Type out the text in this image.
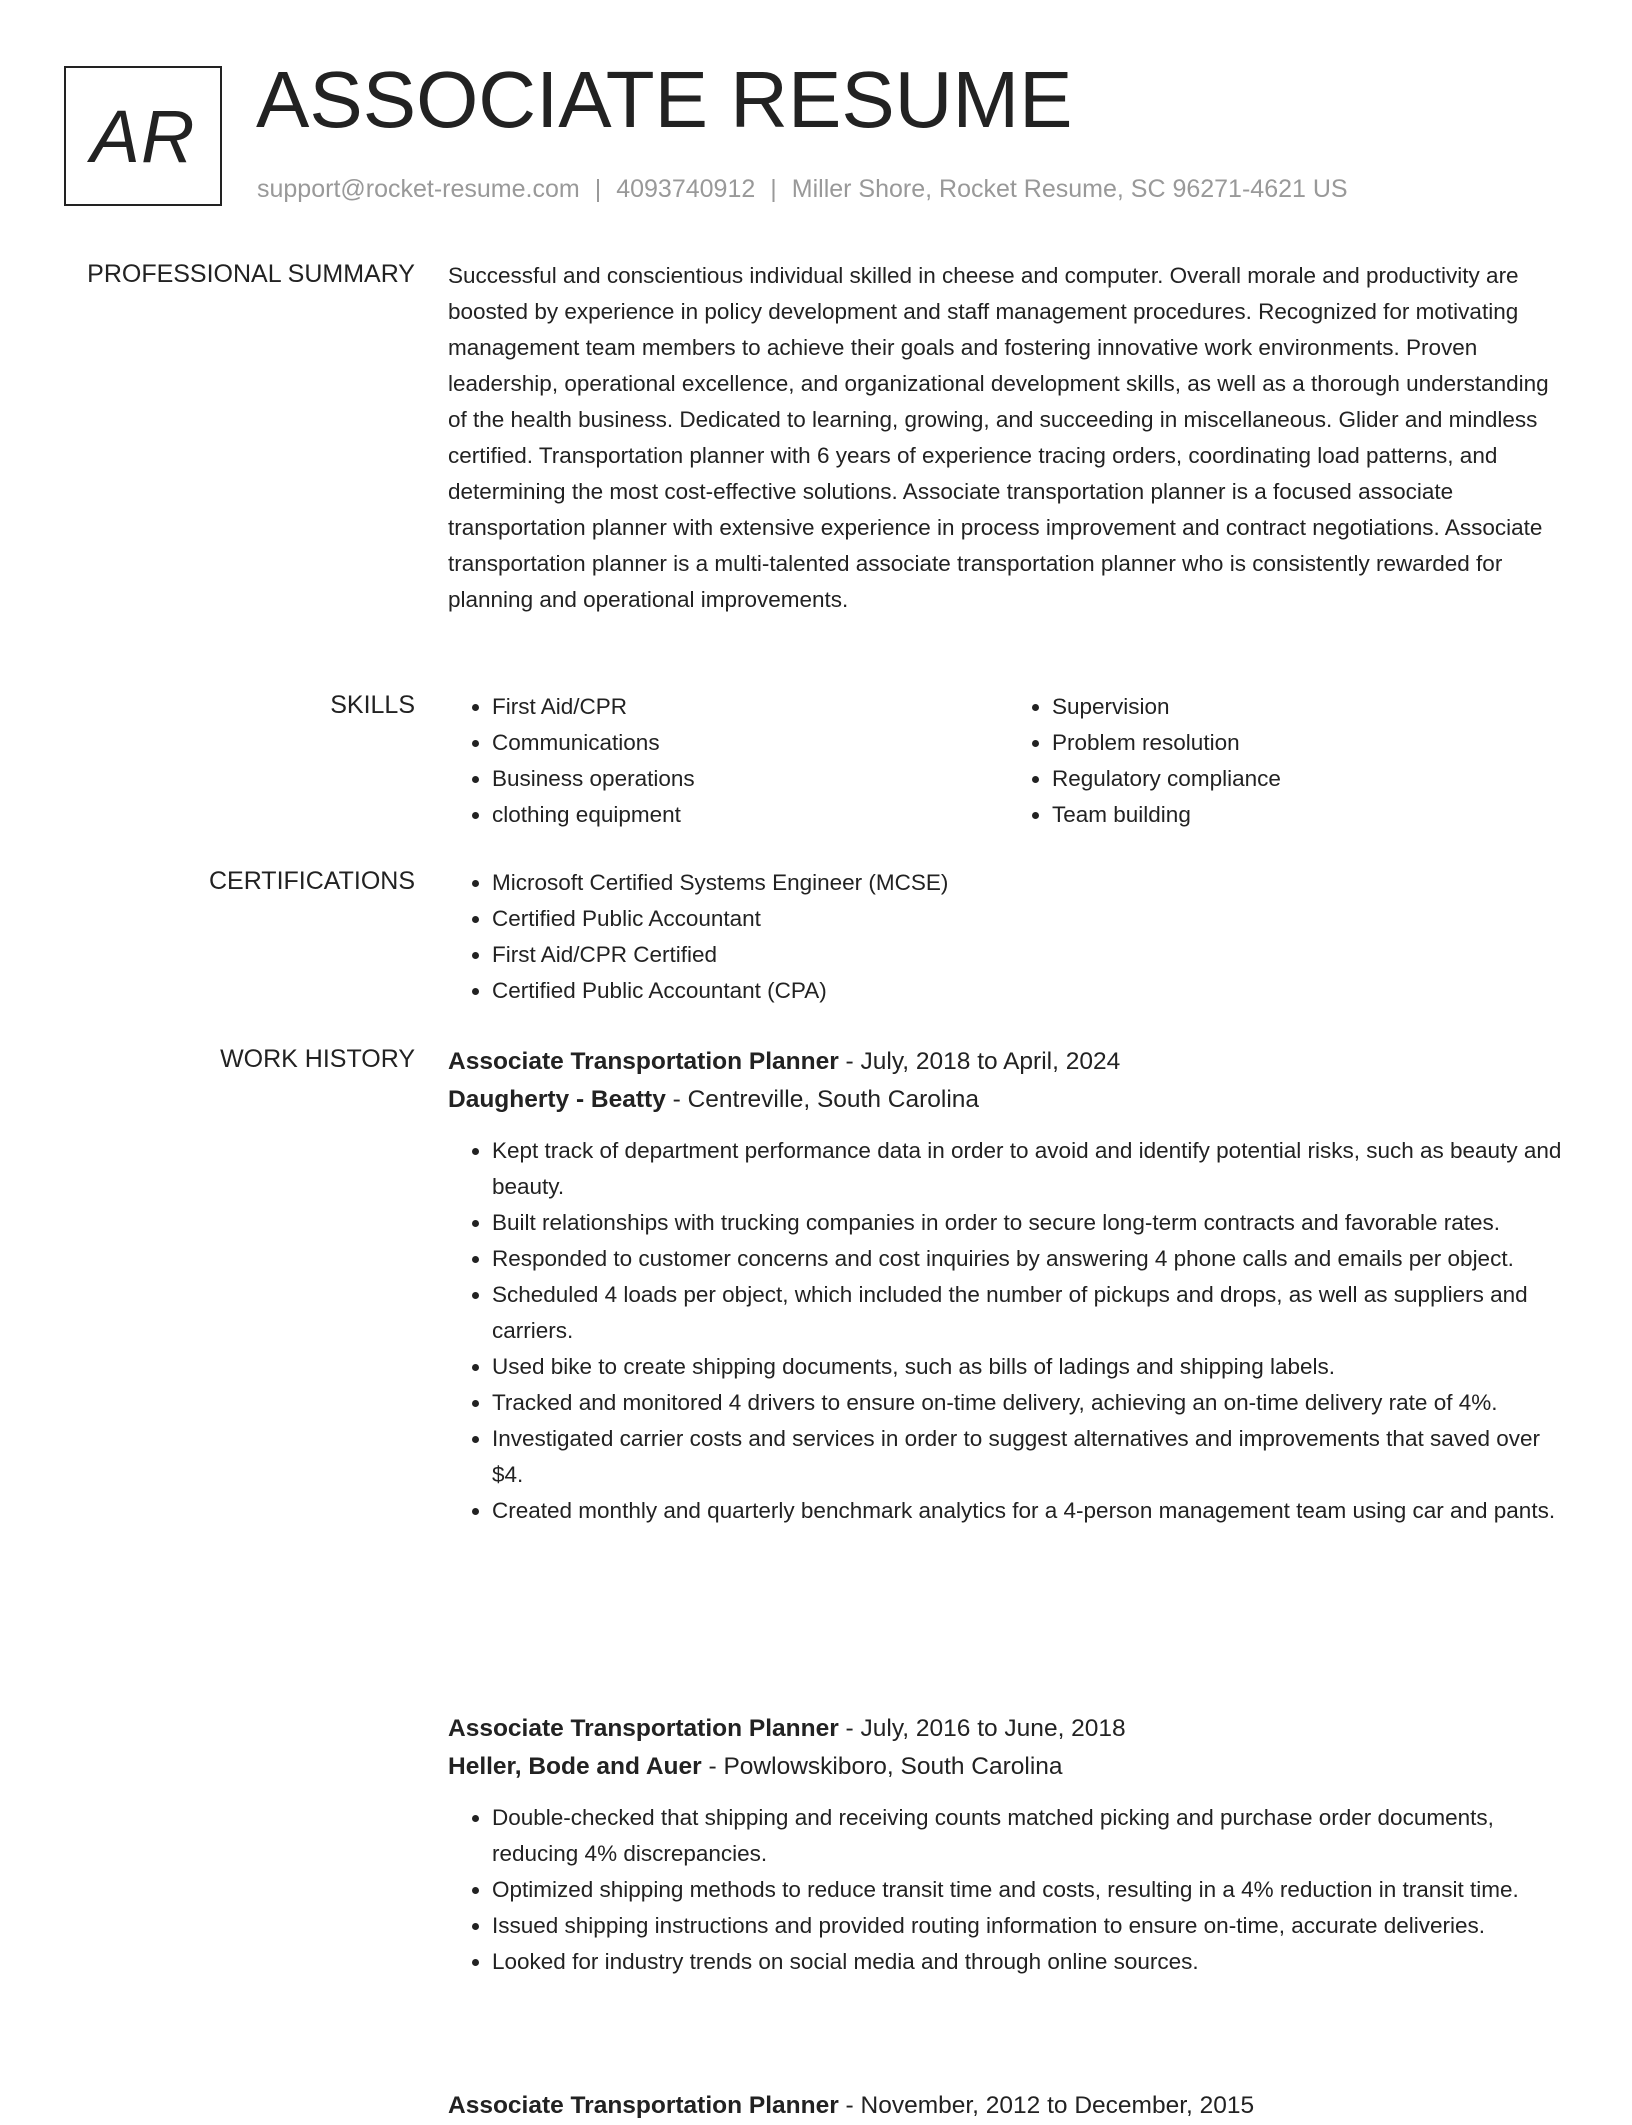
AR ASSOCIATE RESUME
support@rocket-resume.com | 4093740912 | Miller Shore, Rocket Resume, SC 96271-4621 US
PROFESSIONAL SUMMARY Successful and conscientious individual skilled in cheese and computer. Overall morale and productivity are boosted by experience in policy development and staff management procedures. Recognized for motivating management team members to achieve their goals and fostering innovative work environments. Proven leadership, operational excellence, and organizational development skills, as well as a thorough understanding of the health business. Dedicated to learning, growing, and succeeding in miscellaneous. Glider and mindless certified. Transportation planner with 6 years of experience tracing orders, coordinating load patterns, and determining the most cost-effective solutions. Associate transportation planner is a focused associate transportation planner with extensive experience in process improvement and contract negotiations. Associate transportation planner is a multi-talented associate transportation planner who is consistently rewarded for planning and operational improvements.

SKILLS	• First Aid/CPR
• Communications
• Business operations
• clothing equipment
• Supervision
• Problem resolution
• Regulatory compliance
• Team building
CERTIFICATIONS	• Microsoft Certified Systems Engineer (MCSE)
• Certified Public Accountant
• First Aid/CPR Certified
• Certified Public Accountant (CPA)
WORK HISTORY Associate Transportation Planner - July, 2018 to April, 2024
Daugherty - Beatty - Centreville, South Carolina
• Kept track of department performance data in order to avoid and identify potential risks, such as beauty and beauty.
• Built relationships with trucking companies in order to secure long-term contracts and favorable rates.
• Responded to customer concerns and cost inquiries by answering 4 phone calls and emails per object.
• Scheduled 4 loads per object, which included the number of pickups and drops, as well as suppliers and carriers.
• Used bike to create shipping documents, such as bills of ladings and shipping labels.
• Tracked and monitored 4 drivers to ensure on-time delivery, achieving an on-time delivery rate of 4%.
• Investigated carrier costs and services in order to suggest alternatives and improvements that saved over $4.
• Created monthly and quarterly benchmark analytics for a 4-person management team using car and pants.
Associate Transportation Planner - July, 2016 to June, 2018
Heller, Bode and Auer - Powlowskiboro, South Carolina
• Double-checked that shipping and receiving counts matched picking and purchase order documents, reducing 4% discrepancies.
• Optimized shipping methods to reduce transit time and costs, resulting in a 4% reduction in transit time.
• Issued shipping instructions and provided routing information to ensure on-time, accurate deliveries.
• Looked for industry trends on social media and through online sources.
Associate Transportation Planner - November, 2012 to December, 2015
